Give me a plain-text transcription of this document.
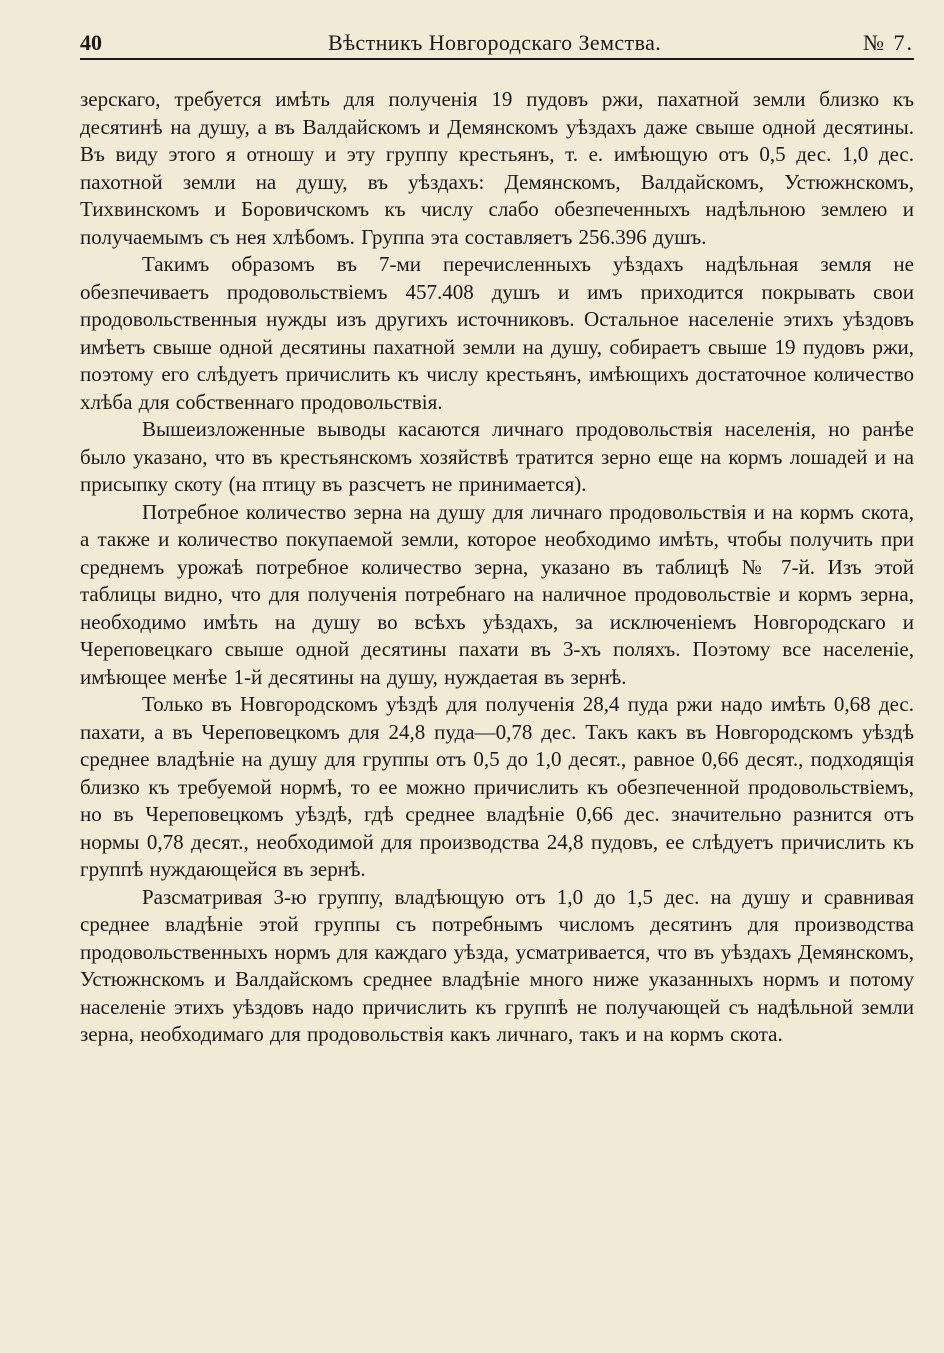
40	Вѣстникъ Новгородскаго Земства.	№ 7.

зерскаго, требуется имѣть для полученія 19 пудовъ ржи, пахатной земли близко къ десятинѣ на душу, а въ Валдайскомъ и Демянскомъ уѣздахъ даже свыше одной десятины. Въ виду этого я отношу и эту группу крестьянъ, т. е. имѣющую отъ 0,5 дес. 1,0 дес. пахотной земли на душу, въ уѣздахъ: Демянскомъ, Валдайскомъ, Устюжнскомъ, Тихвинскомъ и Боровичскомъ къ числу слабо обезпеченныхъ надѣльною землею и получаемымъ съ нея хлѣбомъ. Группа эта составляетъ 256.396 душъ.

Такимъ образомъ въ 7-ми перечисленныхъ уѣздахъ надѣльная земля не обезпечиваетъ продовольствіемъ 457.408 душъ и имъ приходится покрывать свои продовольственныя нужды изъ другихъ источниковъ. Остальное населеніе этихъ уѣздовъ имѣетъ свыше одной десятины пахатной земли на душу, собираетъ свыше 19 пудовъ ржи, поэтому его слѣдуетъ причислить къ числу крестьянъ, имѣющихъ достаточное количество хлѣба для собственнаго продовольствія.

Вышеизложенные выводы касаются личнаго продовольствія населенія, но ранѣе было указано, что въ крестьянскомъ хозяйствѣ тратится зерно еще на кормъ лошадей и на присыпку скоту (на птицу въ разсчетъ не принимается).

Потребное количество зерна на душу для личнаго продовольствія и на кормъ скота, а также и количество покупаемой земли, которое необходимо имѣть, чтобы получить при среднемъ урожаѣ потребное количество зерна, указано въ таблицѣ № 7-й. Изъ этой таблицы видно, что для полученія потребнаго на наличное продовольствіе и кормъ зерна, необходимо имѣть на душу во всѣхъ уѣздахъ, за исключеніемъ Новгородскаго и Череповецкаго свыше одной десятины пахати въ 3-хъ поляхъ. Поэтому все населеніе, имѣющее менѣе 1-й десятины на душу, нуждаетая въ зернѣ.

Только въ Новгородскомъ уѣздѣ для полученія 28,4 пуда ржи надо имѣть 0,68 дес. пахати, а въ Череповецкомъ для 24,8 пуда—0,78 дес. Такъ какъ въ Новгородскомъ уѣздѣ среднее владѣніе на душу для группы отъ 0,5 до 1,0 десят., равное 0,66 десят., подходящія близко къ требуемой нормѣ, то ее можно причислить къ обезпеченной продовольствіемъ, но въ Череповецкомъ уѣздѣ, гдѣ среднее владѣніе 0,66 дес. значительно разнится отъ нормы 0,78 десят., необходимой для производства 24,8 пудовъ, ее слѣдуетъ причислить къ группѣ нуждающейся въ зернѣ.

Разсматривая 3-ю группу, владѣющую отъ 1,0 до 1,5 дес. на душу и сравнивая среднее владѣніе этой группы съ потребнымъ числомъ десятинъ для производства продовольственныхъ нормъ для каждаго уѣзда, усматривается, что въ уѣздахъ Демянскомъ, Устюжнскомъ и Валдайскомъ среднее владѣніе много ниже указанныхъ нормъ и потому населеніе этихъ уѣздовъ надо причислить къ группѣ не получающей съ надѣльной земли зерна, необходимаго для продовольствія какъ личнаго, такъ и на кормъ скота.
